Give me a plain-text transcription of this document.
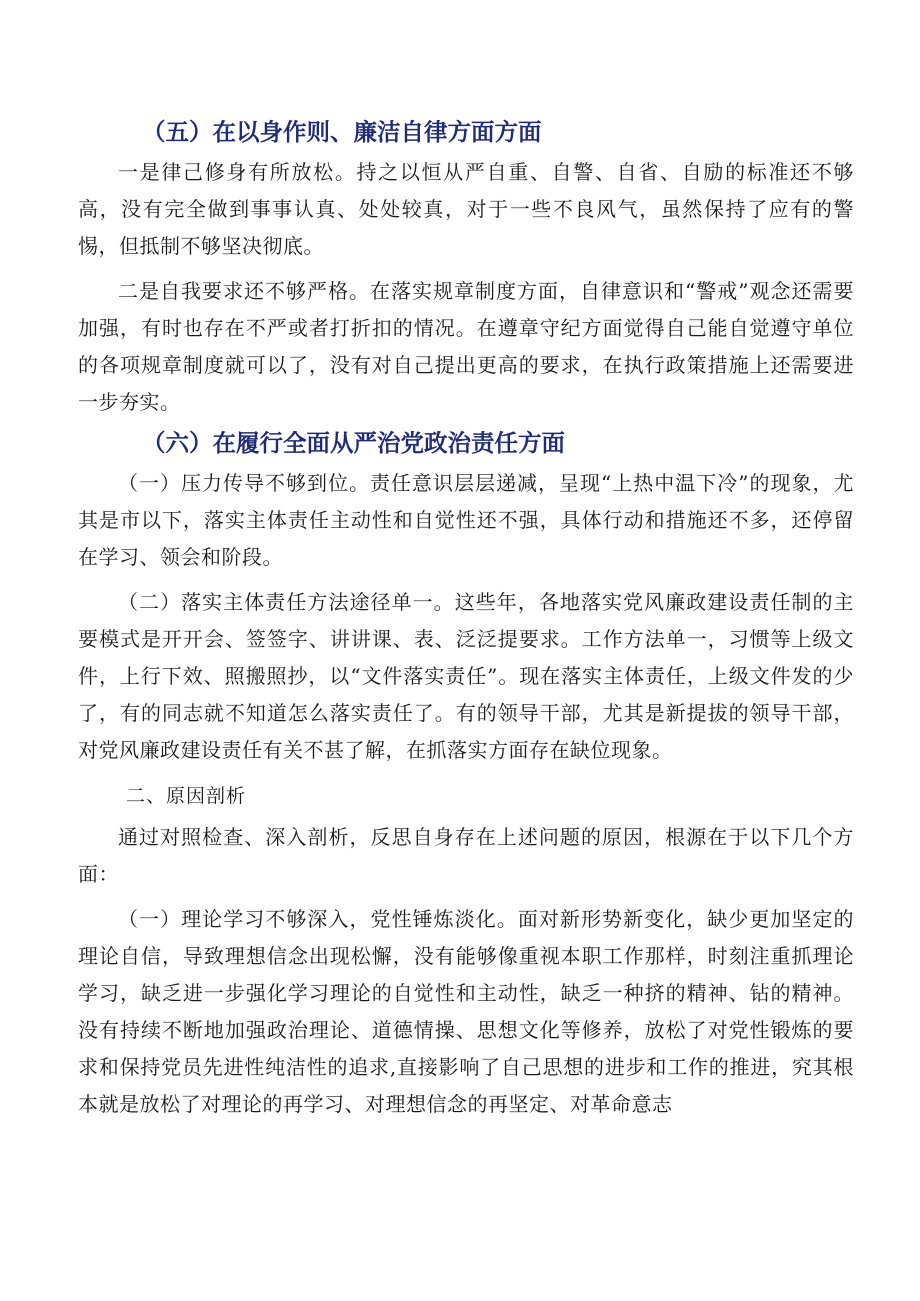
（五）在以身作则、廉洁自律方面方面

一是律己修身有所放松。持之以恒从严自重、自警、自省、自励的标准还不够高，没有完全做到事事认真、处处较真，对于一些不良风气，虽然保持了应有的警惕，但抵制不够坚决彻底。

二是自我要求还不够严格。在落实规章制度方面，自律意识和“警戒”观念还需要加强，有时也存在不严或者打折扣的情况。在遵章守纪方面觉得自己能自觉遵守单位的各项规章制度就可以了，没有对自己提出更高的要求，在执行政策措施上还需要进一步夯实。

（六）在履行全面从严治党政治责任方面

（一）压力传导不够到位。责任意识层层递减，呈现“上热中温下冷”的现象，尤其是市以下，落实主体责任主动性和自觉性还不强，具体行动和措施还不多，还停留在学习、领会和阶段。

（二）落实主体责任方法途径单一。这些年，各地落实党风廉政建设责任制的主要模式是开开会、签签字、讲讲课、表、泛泛提要求。工作方法单一，习惯等上级文件，上行下效、照搬照抄，以“文件落实责任”。现在落实主体责任，上级文件发的少了，有的同志就不知道怎么落实责任了。有的领导干部，尤其是新提拔的领导干部，对党风廉政建设责任有关不甚了解，在抓落实方面存在缺位现象。

二、原因剖析

通过对照检查、深入剖析，反思自身存在上述问题的原因，根源在于以下几个方面：

（一）理论学习不够深入，党性锤炼淡化。面对新形势新变化，缺少更加坚定的理论自信，导致理想信念出现松懈，没有能够像重视本职工作那样，时刻注重抓理论学习，缺乏进一步强化学习理论的自觉性和主动性，缺乏一种挤的精神、钻的精神。没有持续不断地加强政治理论、道德情操、思想文化等修养，放松了对党性锻炼的要求和保持党员先进性纯洁性的追求,直接影响了自己思想的进步和工作的推进，究其根本就是放松了对理论的再学习、对理想信念的再坚定、对革命意志
